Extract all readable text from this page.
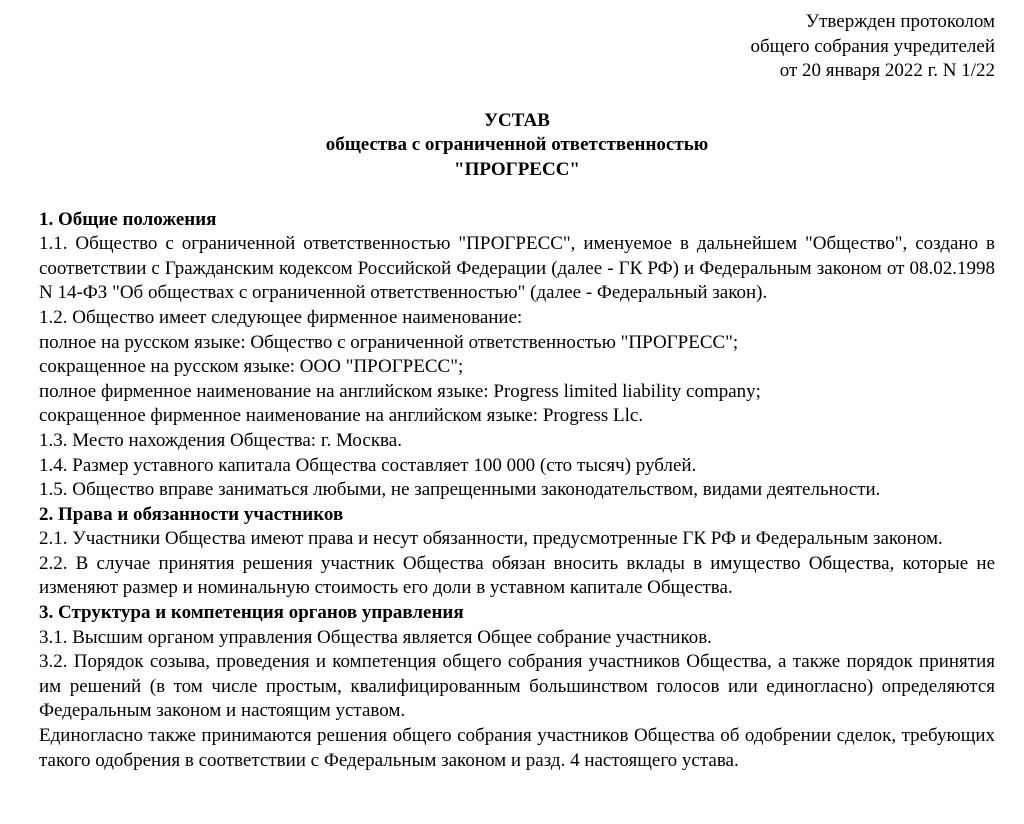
Утвержден протоколом
общего собрания учредителей
от 20 января 2022 г. N 1/22
УСТАВ
общества с ограниченной ответственностью
"ПРОГРЕСС"
1. Общие положения
1.1. Общество с ограниченной ответственностью "ПРОГРЕСС", именуемое в дальнейшем "Общество", создано в соответствии с Гражданским кодексом Российской Федерации (далее - ГК РФ) и Федеральным законом от 08.02.1998 N 14-ФЗ "Об обществах с ограниченной ответственностью" (далее - Федеральный закон).
1.2. Общество имеет следующее фирменное наименование:
полное на русском языке: Общество с ограниченной ответственностью "ПРОГРЕСС";
сокращенное на русском языке: ООО "ПРОГРЕСС";
полное фирменное наименование на английском языке: Progress limited liability company;
сокращенное фирменное наименование на английском языке: Progress Llc.
1.3. Место нахождения Общества: г. Москва.
1.4. Размер уставного капитала Общества составляет 100 000 (сто тысяч) рублей.
1.5. Общество вправе заниматься любыми, не запрещенными законодательством, видами деятельности.
2. Права и обязанности участников
2.1. Участники Общества имеют права и несут обязанности, предусмотренные ГК РФ и Федеральным законом.
2.2. В случае принятия решения участник Общества обязан вносить вклады в имущество Общества, которые не изменяют размер и номинальную стоимость его доли в уставном капитале Общества.
3. Структура и компетенция органов управления
3.1. Высшим органом управления Общества является Общее собрание участников.
3.2. Порядок созыва, проведения и компетенция общего собрания участников Общества, а также порядок принятия им решений (в том числе простым, квалифицированным большинством голосов или единогласно) определяются Федеральным законом и настоящим уставом.
Единогласно также принимаются решения общего собрания участников Общества об одобрении сделок, требующих такого одобрения в соответствии с Федеральным законом и разд. 4 настоящего устава.
